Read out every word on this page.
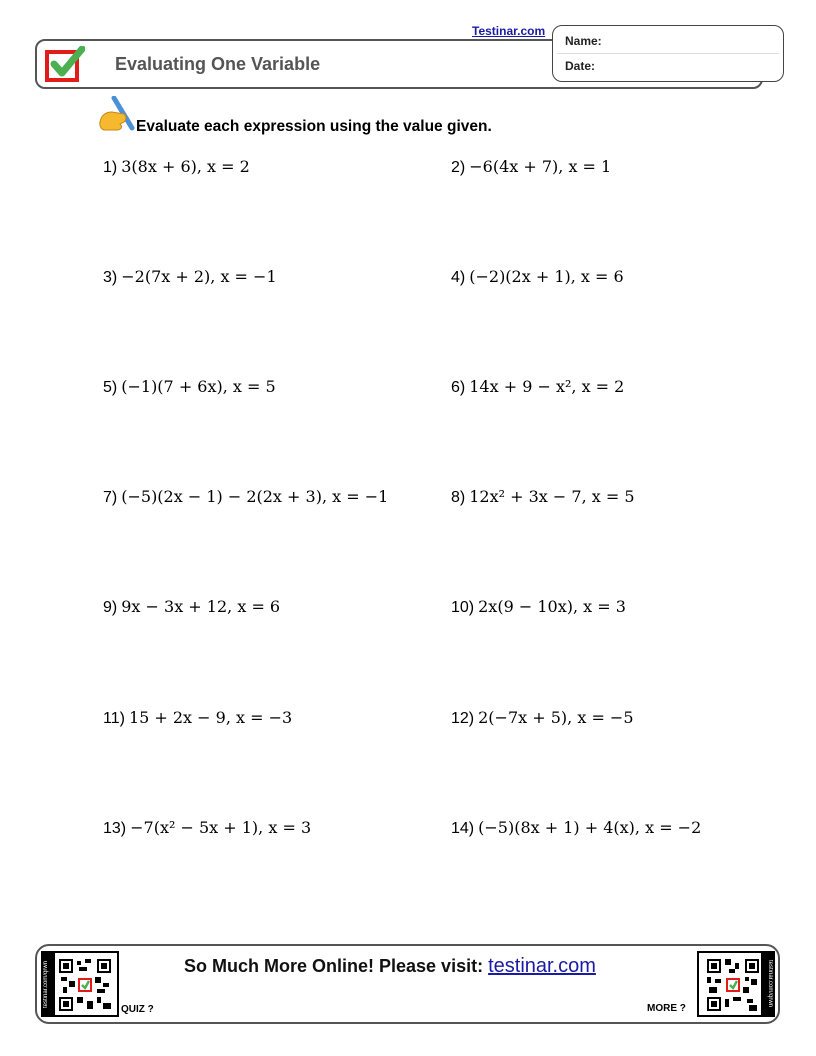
Evaluating One Variable
Testinar.com
Name:
Date:
Evaluate each expression using the value given.
1) 3(8x + 6), x = 2	2) −6(4x + 7), x = 1
3) −2(7x + 2), x = −1	4) (−2)(2x + 1), x = 6
5) (−1)(7 + 6x), x = 5	6) 14x + 9 − x², x = 2
7) (−5)(2x − 1) − 2(2x + 3), x = −1	8) 12x² + 3x − 7, x = 5
9) 9x − 3x + 12, x = 6	10) 2x(9 − 10x), x = 3
11) 15 + 2x − 9, x = −3	12) 2(−7x + 5), x = −5
13) −7(x² − 5x + 1), x = 3	14) (−5)(8x + 1) + 4(x), x = −2
testinar.com/qrwn
QUIZ ?
So Much More Online! Please visit: testinar.com
MORE ?
testinar.com/qrwn
